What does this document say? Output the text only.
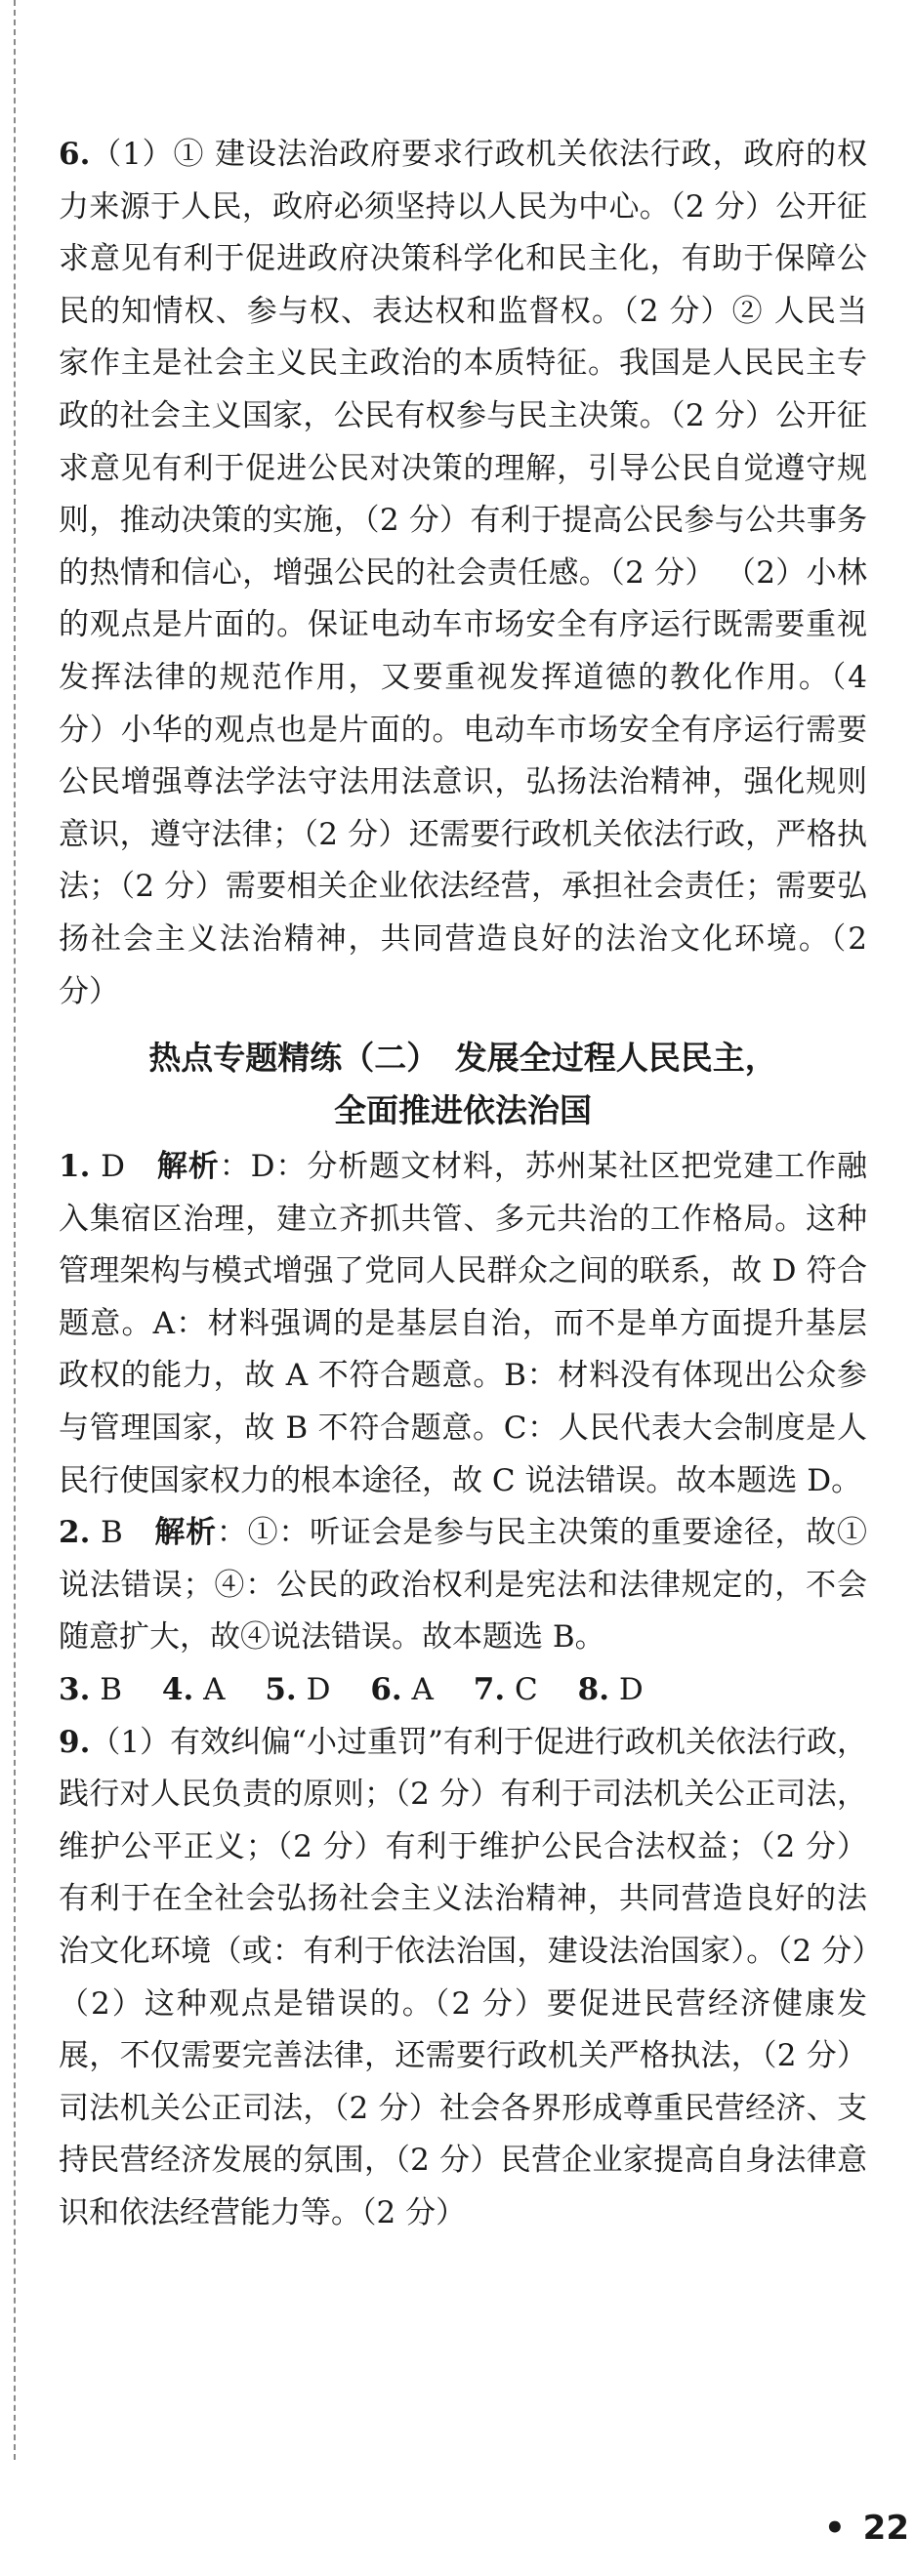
6.（1）① 建设法治政府要求行政机关依法行政，政府的权力来源于人民，政府必须坚持以人民为中心。（2 分）公开征求意见有利于促进政府决策科学化和民主化，有助于保障公民的知情权、参与权、表达权和监督权。（2 分）② 人民当家作主是社会主义民主政治的本质特征。我国是人民民主专政的社会主义国家，公民有权参与民主决策。（2 分）公开征求意见有利于促进公民对决策的理解，引导公民自觉遵守规则，推动决策的实施，（2 分）有利于提高公民参与公共事务的热情和信心，增强公民的社会责任感。（2 分） （2）小林的观点是片面的。保证电动车市场安全有序运行既需要重视发挥法律的规范作用，又要重视发挥道德的教化作用。（4 分）小华的观点也是片面的。电动车市场安全有序运行需要公民增强尊法学法守法用法意识，弘扬法治精神，强化规则意识，遵守法律；（2 分）还需要行政机关依法行政，严格执法；（2 分）需要相关企业依法经营，承担社会责任；需要弘扬社会主义法治精神，共同营造良好的法治文化环境。（2 分）

热点专题精练（二）　发展全过程人民民主，
全面推进依法治国

1. D　 解析：D：分析题文材料，苏州某社区把党建工作融入集宿区治理，建立齐抓共管、多元共治的工作格局。这种管理架构与模式增强了党同人民群众之间的联系，故 D 符合题意。A：材料强调的是基层自治，而不是单方面提升基层政权的能力，故 A 不符合题意。B：材料没有体现出公众参与管理国家，故 B 不符合题意。C：人民代表大会制度是人民行使国家权力的根本途径，故 C 说法错误。故本题选 D。

2. B　 解析：①：听证会是参与民主决策的重要途径，故①说法错误；④：公民的政治权利是宪法和法律规定的，不会随意扩大，故④说法错误。故本题选 B。

3. B　 4. A　 5. D　 6. A　 7. C　 8. D

9.（1）有效纠偏“小过重罚”有利于促进行政机关依法行政，践行对人民负责的原则；（2 分）有利于司法机关公正司法，维护公平正义；（2 分）有利于维护公民合法权益；（2 分）有利于在全社会弘扬社会主义法治精神，共同营造良好的法治文化环境（或：有利于依法治国，建设法治国家）。（2 分）（2）这种观点是错误的。（2 分）要促进民营经济健康发展，不仅需要完善法律，还需要行政机关严格执法，（2 分）司法机关公正司法，（2 分）社会各界形成尊重民营经济、支持民营经济发展的氛围，（2 分）民营企业家提高自身法律意识和依法经营能力等。（2 分）

• 22
